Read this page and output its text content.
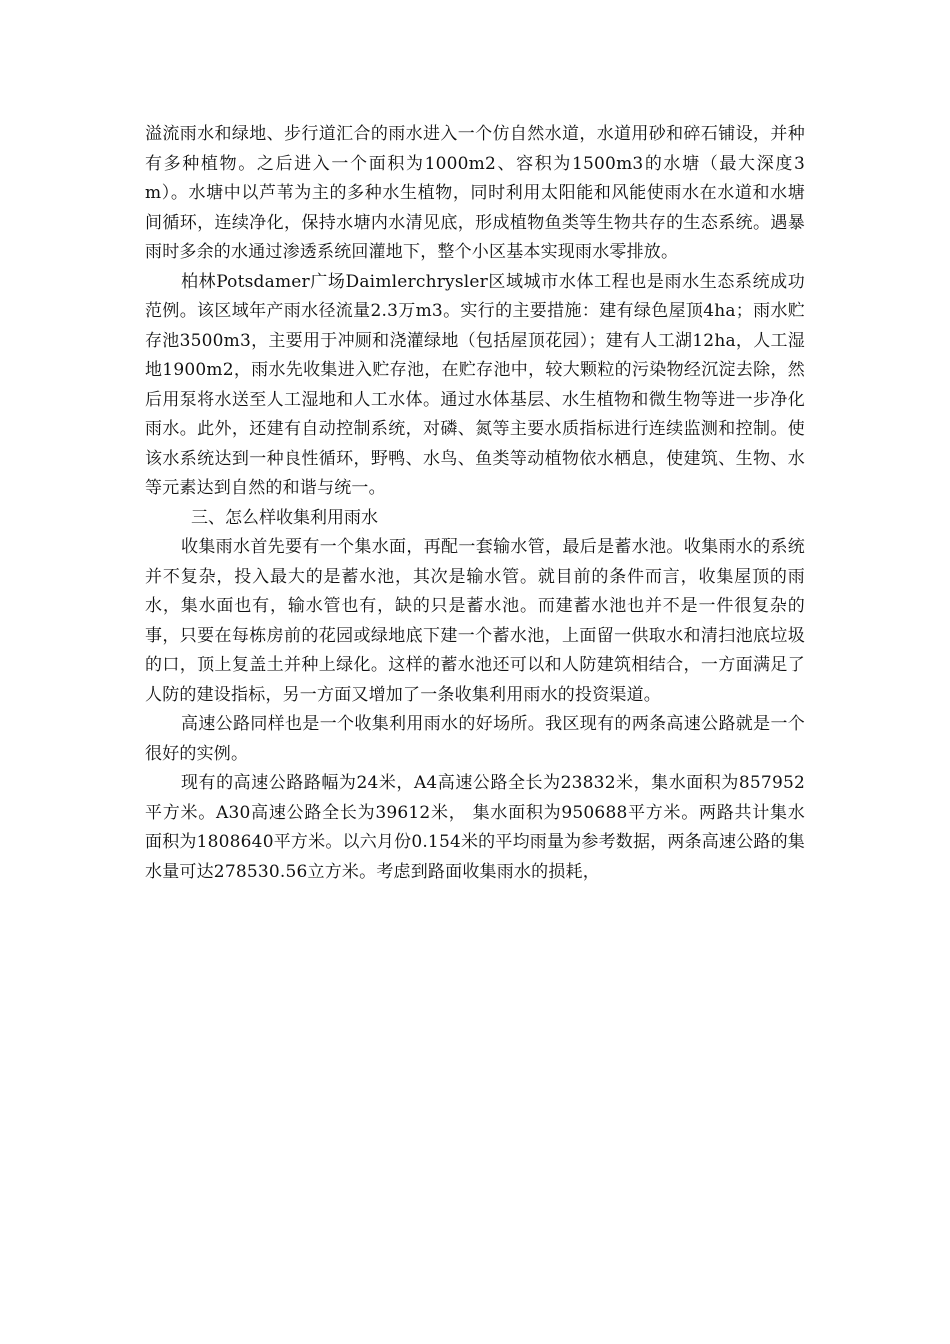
溢流雨水和绿地、步行道汇合的雨水进入一个仿自然水道，水道用砂和碎石铺设，并种有多种植物。之后进入一个面积为1000m2、容积为1500m3的水塘（最大深度3m）。水塘中以芦苇为主的多种水生植物，同时利用太阳能和风能使雨水在水道和水塘间循环，连续净化，保持水塘内水清见底，形成植物鱼类等生物共存的生态系统。遇暴雨时多余的水通过渗透系统回灌地下，整个小区基本实现雨水零排放。

柏林Potsdamer广场Daimlerchrysler区域城市水体工程也是雨水生态系统成功范例。该区域年产雨水径流量2.3万m3。实行的主要措施：建有绿色屋顶4ha；雨水贮存池3500m3，主要用于冲厕和浇灌绿地（包括屋顶花园）；建有人工湖12ha，人工湿地1900m2，雨水先收集进入贮存池，在贮存池中，较大颗粒的污染物经沉淀去除，然后用泵将水送至人工湿地和人工水体。通过水体基层、水生植物和微生物等进一步净化雨水。此外，还建有自动控制系统，对磷、氮等主要水质指标进行连续监测和控制。使该水系统达到一种良性循环，野鸭、水鸟、鱼类等动植物依水栖息，使建筑、生物、水等元素达到自然的和谐与统一。

三、怎么样收集利用雨水

收集雨水首先要有一个集水面，再配一套输水管，最后是蓄水池。收集雨水的系统并不复杂，投入最大的是蓄水池，其次是输水管。就目前的条件而言，收集屋顶的雨水，集水面也有，输水管也有，缺的只是蓄水池。而建蓄水池也并不是一件很复杂的事，只要在每栋房前的花园或绿地底下建一个蓄水池，上面留一供取水和清扫池底垃圾的口，顶上复盖土并种上绿化。这样的蓄水池还可以和人防建筑相结合，一方面满足了人防的建设指标，另一方面又增加了一条收集利用雨水的投资渠道。

高速公路同样也是一个收集利用雨水的好场所。我区现有的两条高速公路就是一个很好的实例。

现有的高速公路路幅为24米，A4高速公路全长为23832米，集水面积为857952平方米。A30高速公路全长为39612米， 集水面积为950688平方米。两路共计集水面积为1808640平方米。以六月份0.154米的平均雨量为参考数据，两条高速公路的集水量可达278530.56立方米。考虑到路面收集雨水的损耗，
